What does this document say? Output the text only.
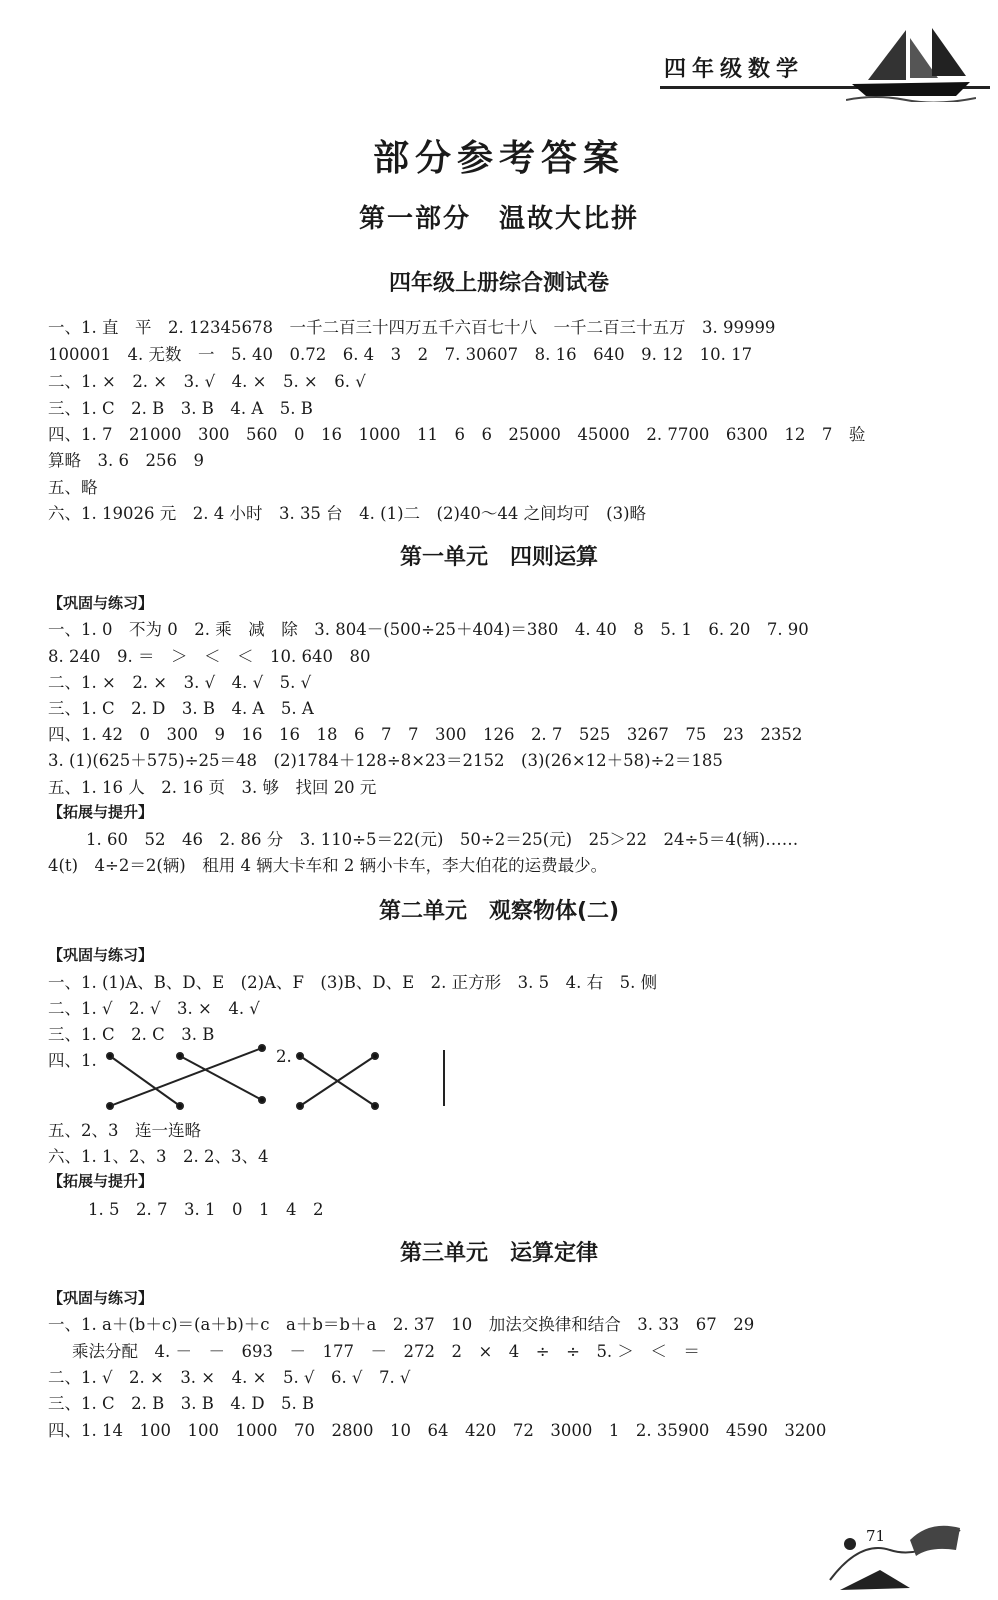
四年级数学
部分参考答案
第一部分　温故大比拼
四年级上册综合测试卷
一、1. 直　平　2. 12345678　一千二百三十四万五千六百七十八　一千二百三十五万　3. 99999
100001　4. 无数　一　5. 40　0.72　6. 4　3　2　7. 30607　8. 16　640　9. 12　10. 17
二、1. ×　2. ×　3. √　4. ×　5. ×　6. √
三、1. C　2. B　3. B　4. A　5. B
四、1. 7　21000　300　560　0　16　1000　11　6　6　25000　45000　2. 7700　6300　12　7　验
算略　3. 6　256　9
五、略
六、1. 19026 元　2. 4 小时　3. 35 台　4. (1)二　(2)40～44 之间均可　(3)略
第一单元　四则运算
【巩固与练习】
一、1. 0　不为 0　2. 乘　减　除　3. 804－(500÷25＋404)＝380　4. 40　8　5. 1　6. 20　7. 90
8. 240　9. ＝　＞　＜　＜　10. 640　80
二、1. ×　2. ×　3. √　4. √　5. √
三、1. C　2. D　3. B　4. A　5. A
四、1. 42　0　300　9　16　16　18　6　7　7　300　126　2. 7　525　3267　75　23　2352
3. (1)(625＋575)÷25＝48　(2)1784＋128÷8×23＝2152　(3)(26×12＋58)÷2＝185
五、1. 16 人　2. 16 页　3. 够　找回 20 元
【拓展与提升】
1. 60　52　46　2. 86 分　3. 110÷5＝22(元)　50÷2＝25(元)　25＞22　24÷5＝4(辆)……
4(t)　4÷2＝2(辆)　租用 4 辆大卡车和 2 辆小卡车，李大伯花的运费最少。
第二单元　观察物体(二)
【巩固与练习】
一、1. (1)A、B、D、E　(2)A、F　(3)B、D、E　2. 正方形　3. 5　4. 右　5. 侧
二、1. √　2. √　3. ×　4. √
三、1. C　2. C　3. B
四、1.	2.
五、2、3　连一连略
六、1. 1、2、3　2. 2、3、4
【拓展与提升】
1. 5　2. 7　3. 1　0　1　4　2
第三单元　运算定律
【巩固与练习】
一、1. a＋(b＋c)＝(a＋b)＋c　a＋b＝b＋a　2. 37　10　加法交换律和结合　3. 33　67　29
乘法分配　4. －　－　693　－　177　－　272　2　×　4　÷　÷　5. ＞　＜　＝
二、1. √　2. ×　3. ×　4. ×　5. √　6. √　7. √
三、1. C　2. B　3. B　4. D　5. B
四、1. 14　100　100　1000　70　2800　10　64　420　72　3000　1　2. 35900　4590　3200
71
